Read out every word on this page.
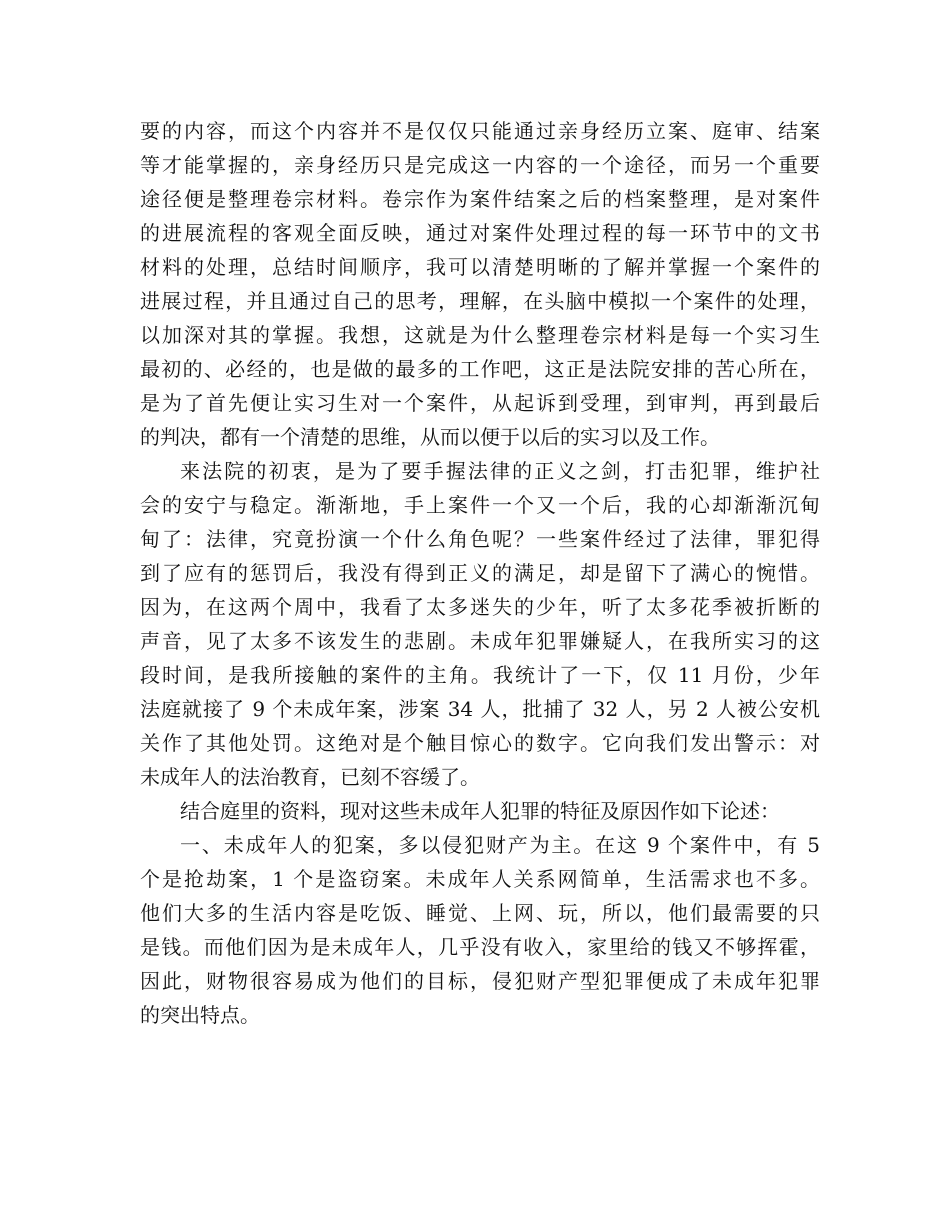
要的内容，而这个内容并不是仅仅只能通过亲身经历立案、庭审、结案
等才能掌握的，亲身经历只是完成这一内容的一个途径，而另一个重要
途径便是整理卷宗材料。卷宗作为案件结案之后的档案整理，是对案件
的进展流程的客观全面反映，通过对案件处理过程的每一环节中的文书
材料的处理，总结时间顺序，我可以清楚明晰的了解并掌握一个案件的
进展过程，并且通过自己的思考，理解，在头脑中模拟一个案件的处理，
以加深对其的掌握。我想，这就是为什么整理卷宗材料是每一个实习生
最初的、必经的，也是做的最多的工作吧，这正是法院安排的苦心所在，
是为了首先便让实习生对一个案件，从起诉到受理，到审判，再到最后
的判决，都有一个清楚的思维，从而以便于以后的实习以及工作。
来法院的初衷，是为了要手握法律的正义之剑，打击犯罪，维护社
会的安宁与稳定。渐渐地，手上案件一个又一个后，我的心却渐渐沉甸
甸了：法律，究竟扮演一个什么角色呢？一些案件经过了法律，罪犯得
到了应有的惩罚后，我没有得到正义的满足，却是留下了满心的惋惜。
因为，在这两个周中，我看了太多迷失的少年，听了太多花季被折断的
声音，见了太多不该发生的悲剧。未成年犯罪嫌疑人，在我所实习的这
段时间，是我所接触的案件的主角。我统计了一下，仅 11 月份，少年
法庭就接了 9 个未成年案，涉案 34 人，批捕了 32 人，另 2 人被公安机
关作了其他处罚。这绝对是个触目惊心的数字。它向我们发出警示：对
未成年人的法治教育，已刻不容缓了。
结合庭里的资料，现对这些未成年人犯罪的特征及原因作如下论述：
一、未成年人的犯案，多以侵犯财产为主。在这 9 个案件中，有 5
个是抢劫案，1 个是盗窃案。未成年人关系网简单，生活需求也不多。
他们大多的生活内容是吃饭、睡觉、上网、玩，所以，他们最需要的只
是钱。而他们因为是未成年人，几乎没有收入，家里给的钱又不够挥霍，
因此，财物很容易成为他们的目标，侵犯财产型犯罪便成了未成年犯罪
的突出特点。
